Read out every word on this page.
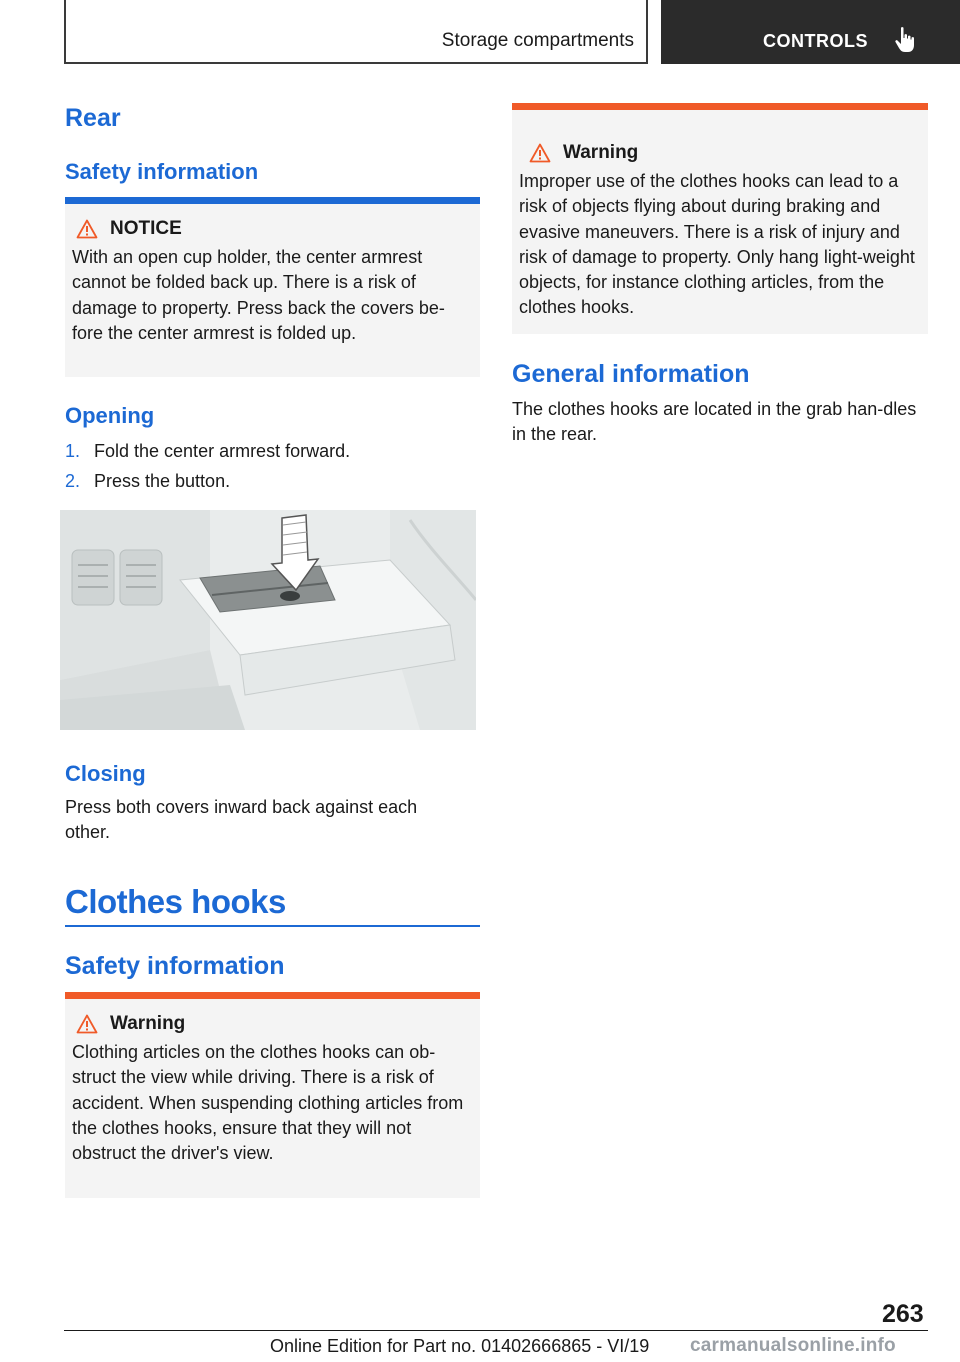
Storage compartments	CONTROLS
Rear
Safety information
NOTICE

With an open cup holder, the center armrest cannot be folded back up. There is a risk of damage to property. Press back the covers be-fore the center armrest is folded up.

Opening
1. Fold the center armrest forward.
2. Press the button.
Closing

Press both covers inward back against each other.

Clothes hooks
Safety information
Warning

Clothing articles on the clothes hooks can ob-struct the view while driving. There is a risk of accident. When suspending clothing articles from the clothes hooks, ensure that they will not obstruct the driver's view.

Warning

Improper use of the clothes hooks can lead to a risk of objects flying about during braking and evasive maneuvers. There is a risk of injury and risk of damage to property. Only hang light-weight objects, for instance clothing articles, from the clothes hooks.

General information

The clothes hooks are located in the grab han-dles in the rear.

263
Online Edition for Part no. 01402666865 - VI/19 carmanualsonline.info
